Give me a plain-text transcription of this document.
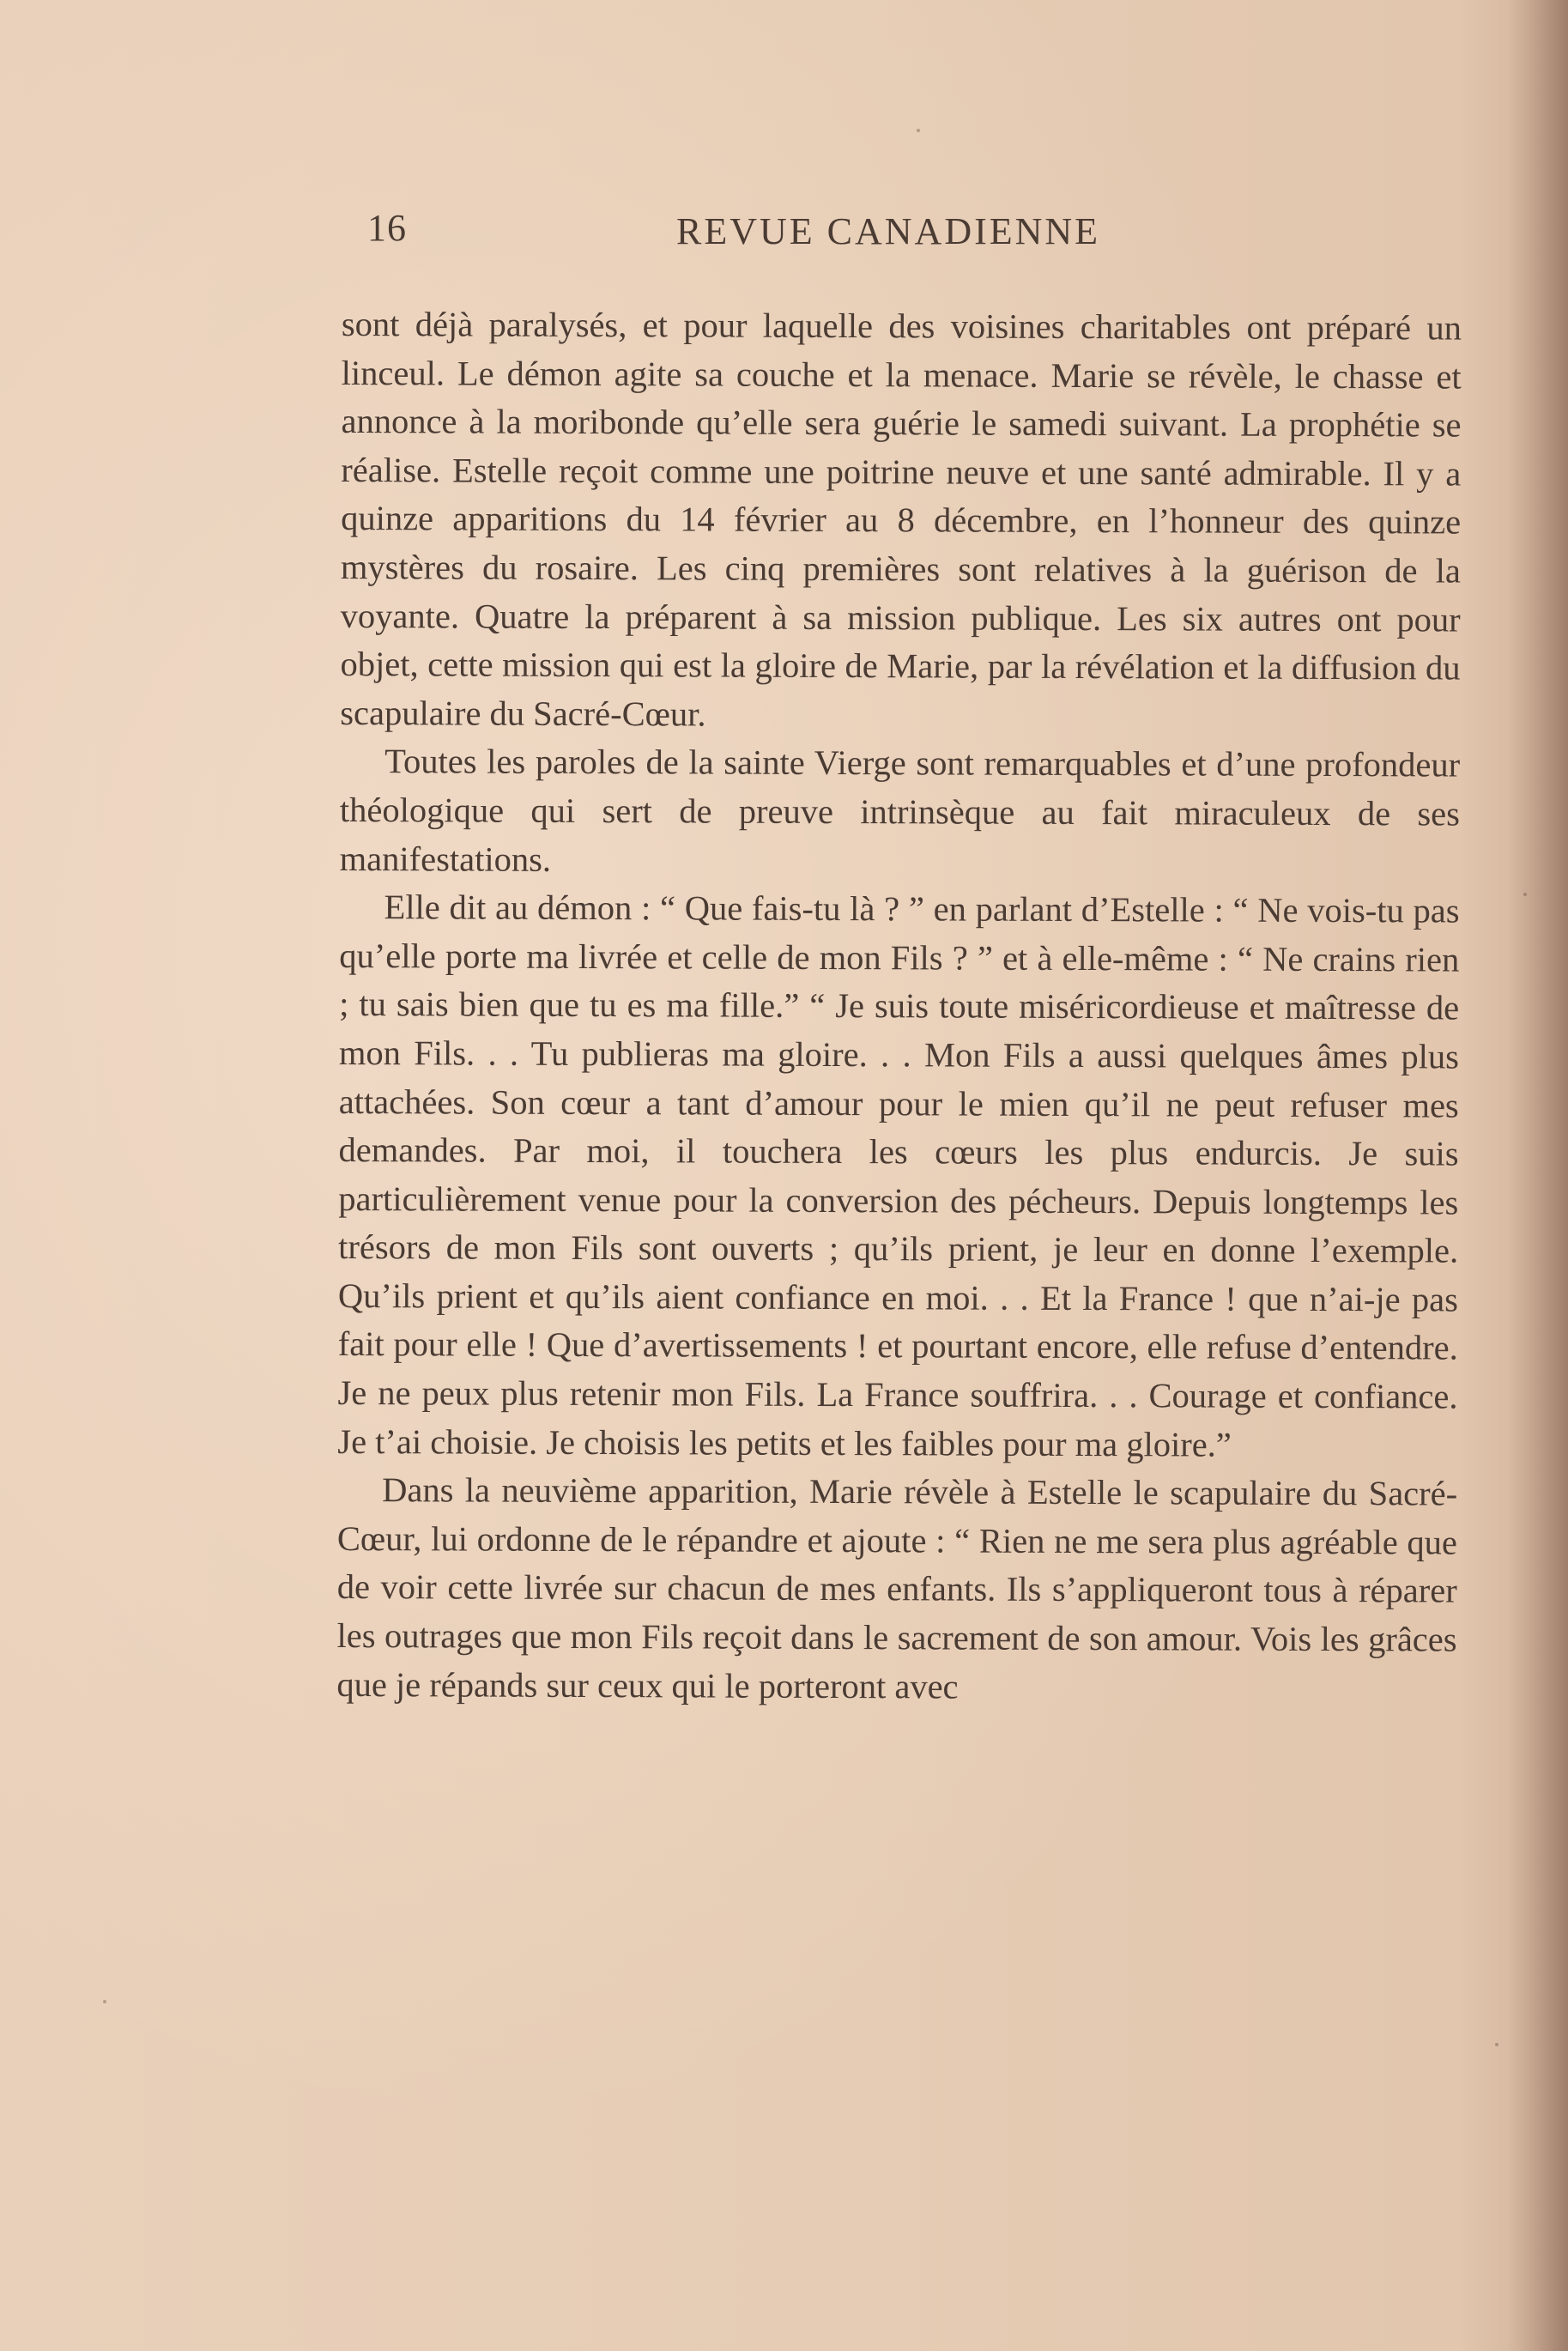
16	REVUE CANADIENNE

sont déjà paralysés, et pour laquelle des voisines charitables ont préparé un linceul. Le démon agite sa couche et la menace. Marie se révèle, le chasse et annonce à la moribonde qu’elle sera guérie le samedi suivant. La prophétie se réalise. Estelle reçoit comme une poitrine neuve et une santé admirable. Il y a quinze apparitions du 14 février au 8 décembre, en l’honneur des quinze mystères du rosaire. Les cinq premières sont relatives à la guérison de la voyante. Quatre la préparent à sa mission publique. Les six autres ont pour objet, cette mission qui est la gloire de Marie, par la révélation et la diffusion du scapulaire du Sacré-Cœur.

Toutes les paroles de la sainte Vierge sont remarquables et d’une profondeur théologique qui sert de preuve intrinsèque au fait miraculeux de ses manifestations.

Elle dit au démon : “ Que fais-tu là ? ” en parlant d’Estelle : “ Ne vois-tu pas qu’elle porte ma livrée et celle de mon Fils ? ” et à elle-même : “ Ne crains rien ; tu sais bien que tu es ma fille.” “ Je suis toute miséricordieuse et maîtresse de mon Fils. . . Tu publieras ma gloire. . . Mon Fils a aussi quelques âmes plus attachées. Son cœur a tant d’amour pour le mien qu’il ne peut refuser mes demandes. Par moi, il touchera les cœurs les plus endurcis. Je suis particulièrement venue pour la conversion des pécheurs. Depuis longtemps les trésors de mon Fils sont ouverts ; qu’ils prient, je leur en donne l’exemple. Qu’ils prient et qu’ils aient confiance en moi. . . Et la France ! que n’ai-je pas fait pour elle ! Que d’avertissements ! et pourtant encore, elle refuse d’entendre. Je ne peux plus retenir mon Fils. La France souffrira. . . Courage et confiance. Je t’ai choisie. Je choisis les petits et les faibles pour ma gloire.”

Dans la neuvième apparition, Marie révèle à Estelle le scapulaire du Sacré-Cœur, lui ordonne de le répandre et ajoute : “ Rien ne me sera plus agréable que de voir cette livrée sur chacun de mes enfants. Ils s’appliqueront tous à réparer les outrages que mon Fils reçoit dans le sacrement de son amour. Vois les grâces que je répands sur ceux qui le porteront avec
